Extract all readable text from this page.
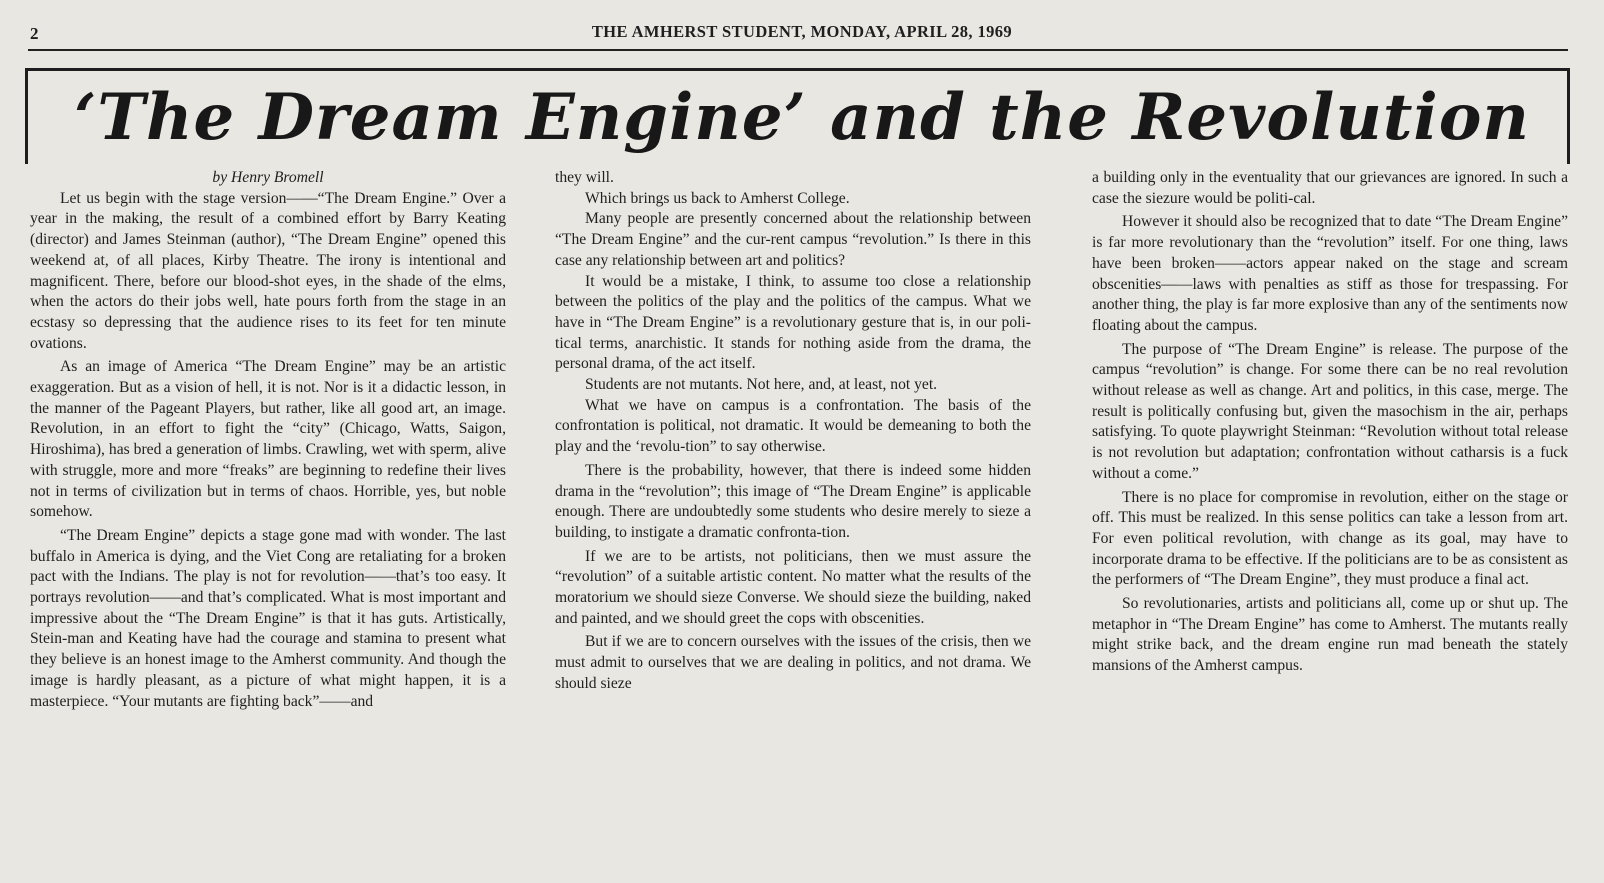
2	THE AMHERST STUDENT, MONDAY, APRIL 28, 1969
‘The Dream Engine’ and the Revolution
by Henry Bromell

Let us begin with the stage version——“The Dream Engine.” Over a year in the making, the result of a combined effort by Barry Keating (director) and James Steinman (author), “The Dream Engine” opened this weekend at, of all places, Kirby Theatre. The irony is intentional and magnificent. There, before our blood-shot eyes, in the shade of the elms, when the actors do their jobs well, hate pours forth from the stage in an ecstasy so depressing that the audience rises to its feet for ten minute ovations.

As an image of America “The Dream Engine” may be an artistic exaggeration. But as a vision of hell, it is not. Nor is it a didactic lesson, in the manner of the Pageant Players, but rather, like all good art, an image. Revolution, in an effort to fight the “city” (Chicago, Watts, Saigon, Hiroshima), has bred a generation of limbs. Crawling, wet with sperm, alive with struggle, more and more “freaks” are beginning to redefine their lives not in terms of civilization but in terms of chaos. Horrible, yes, but noble somehow.

“The Dream Engine” depicts a stage gone mad with wonder. The last buffalo in America is dying, and the Viet Cong are retaliating for a broken pact with the Indians. The play is not for revolution——that’s too easy. It portrays revolution——and that’s complicated. What is most important and impressive about the “The Dream Engine” is that it has guts. Artistically, Stein-man and Keating have had the courage and stamina to present what they believe is an honest image to the Amherst community. And though the image is hardly pleasant, as a picture of what might happen, it is a masterpiece. “Your mutants are fighting back”——and

they will.

Which brings us back to Amherst College.

Many people are presently concerned about the relationship between “The Dream Engine” and the cur-rent campus “revolution.” Is there in this case any relationship between art and politics?

It would be a mistake, I think, to assume too close a relationship between the politics of the play and the politics of the campus. What we have in “The Dream Engine” is a revolutionary gesture that is, in our poli-tical terms, anarchistic. It stands for nothing aside from the drama, the personal drama, of the act itself.

Students are not mutants. Not here, and, at least, not yet.

What we have on campus is a confrontation. The basis of the confrontation is political, not dramatic. It would be demeaning to both the play and the ‘revolu-tion” to say otherwise.

There is the probability, however, that there is indeed some hidden drama in the “revolution”; this image of “The Dream Engine” is applicable enough. There are undoubtedly some students who desire merely to sieze a building, to instigate a dramatic confronta-tion.

If we are to be artists, not politicians, then we must assure the “revolution” of a suitable artistic content. No matter what the results of the moratorium we should sieze Converse. We should sieze the building, naked and painted, and we should greet the cops with obscenities.

But if we are to concern ourselves with the issues of the crisis, then we must admit to ourselves that we are dealing in politics, and not drama. We should sieze

a building only in the eventuality that our grievances are ignored. In such a case the siezure would be politi-cal.

However it should also be recognized that to date “The Dream Engine” is far more revolutionary than the “revolution” itself. For one thing, laws have been broken——actors appear naked on the stage and scream obscenities——laws with penalties as stiff as those for trespassing. For another thing, the play is far more explosive than any of the sentiments now floating about the campus.

The purpose of “The Dream Engine” is release. The purpose of the campus “revolution” is change. For some there can be no real revolution without release as well as change. Art and politics, in this case, merge. The result is politically confusing but, given the masochism in the air, perhaps satisfying. To quote playwright Steinman: “Revolution without total release is not revolution but adaptation; confrontation without catharsis is a fuck without a come.”

There is no place for compromise in revolution, either on the stage or off. This must be realized. In this sense politics can take a lesson from art. For even political revolution, with change as its goal, may have to incorporate drama to be effective. If the politicians are to be as consistent as the performers of “The Dream Engine”, they must produce a final act.

So revolutionaries, artists and politicians all, come up or shut up. The metaphor in “The Dream Engine” has come to Amherst. The mutants really might strike back, and the dream engine run mad beneath the stately mansions of the Amherst campus.
